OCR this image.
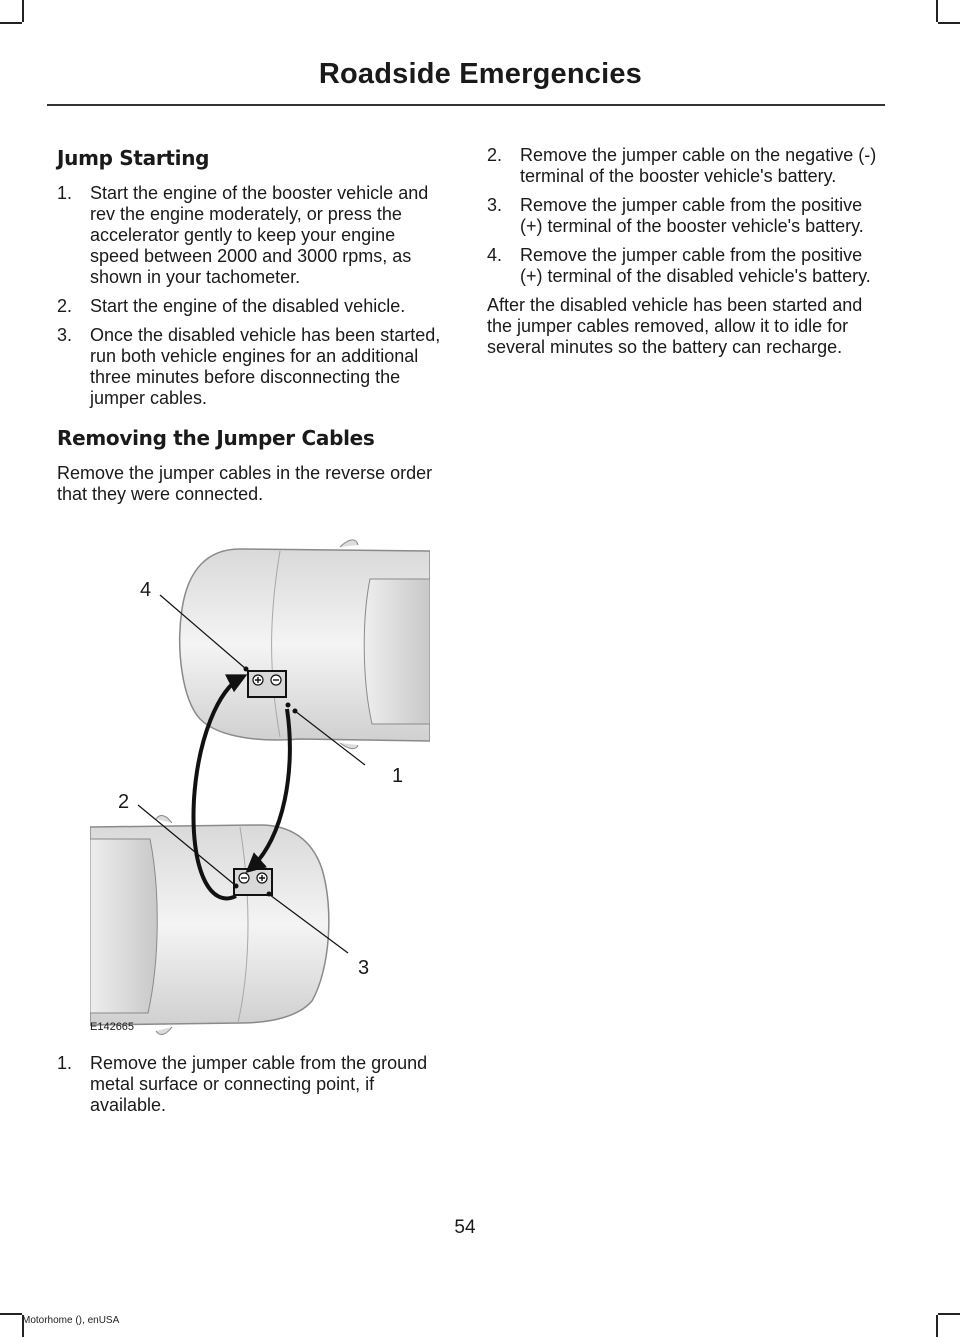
Roadside Emergencies
Jump Starting
1. Start the engine of the booster vehicle and rev the engine moderately, or press the accelerator gently to keep your engine speed between 2000 and 3000 rpms, as shown in your tachometer.
2. Start the engine of the disabled vehicle.
3. Once the disabled vehicle has been started, run both vehicle engines for an additional three minutes before disconnecting the jumper cables.
Removing the Jumper Cables

Remove the jumper cables in the reverse order that they were connected.

4
1
2
3
E142665
1. Remove the jumper cable from the ground metal surface or connecting point, if available.
2. Remove the jumper cable on the negative (-) terminal of the booster vehicle's battery.
3. Remove the jumper cable from the positive (+) terminal of the booster vehicle's battery.
4. Remove the jumper cable from the positive (+) terminal of the disabled vehicle's battery.

After the disabled vehicle has been started and the jumper cables removed, allow it to idle for several minutes so the battery can recharge.

54
Motorhome (), enUSA
